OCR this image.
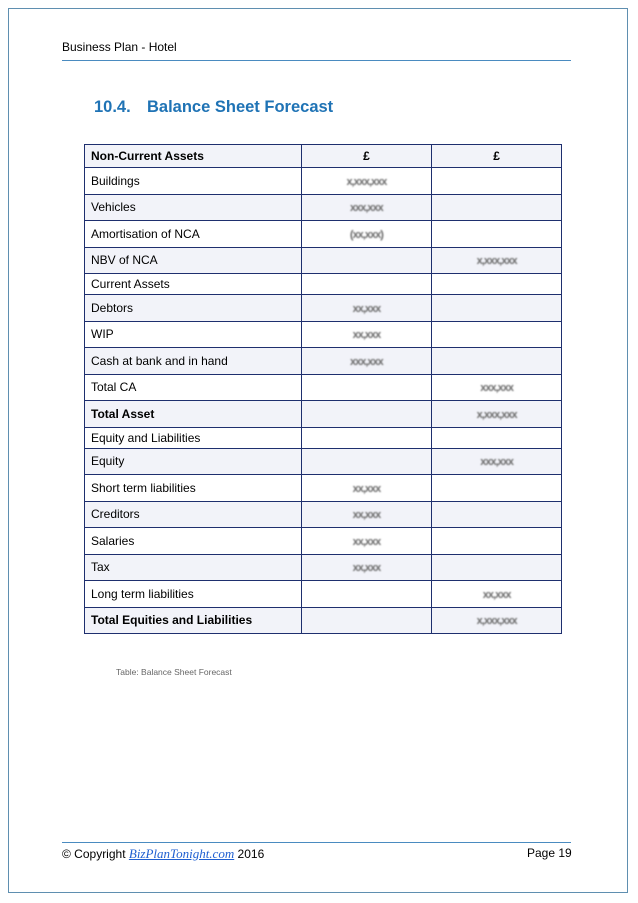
Business Plan - Hotel
10.4. Balance Sheet Forecast
Non-Current Assets	£	£
Buildings	x,xxx,xxx	
Vehicles	xxx,xxx	
Amortisation of NCA	(xx,xxx)	
NBV of NCA		x,xxx,xxx
Current Assets		
Debtors	xx,xxx	
WIP	xx,xxx	
Cash at bank and in hand	xxx,xxx	
Total CA		xxx,xxx
Total Asset		x,xxx,xxx
Equity and Liabilities		
Equity		xxx,xxx
Short term liabilities	xx,xxx	
Creditors	xx,xxx	
Salaries	xx,xxx	
Tax	xx,xxx	
Long term liabilities		xx,xxx
Total Equities and Liabilities		x,xxx,xxx
Table: Balance Sheet Forecast
© Copyright BizPlanTonight.com 2016	Page 19
